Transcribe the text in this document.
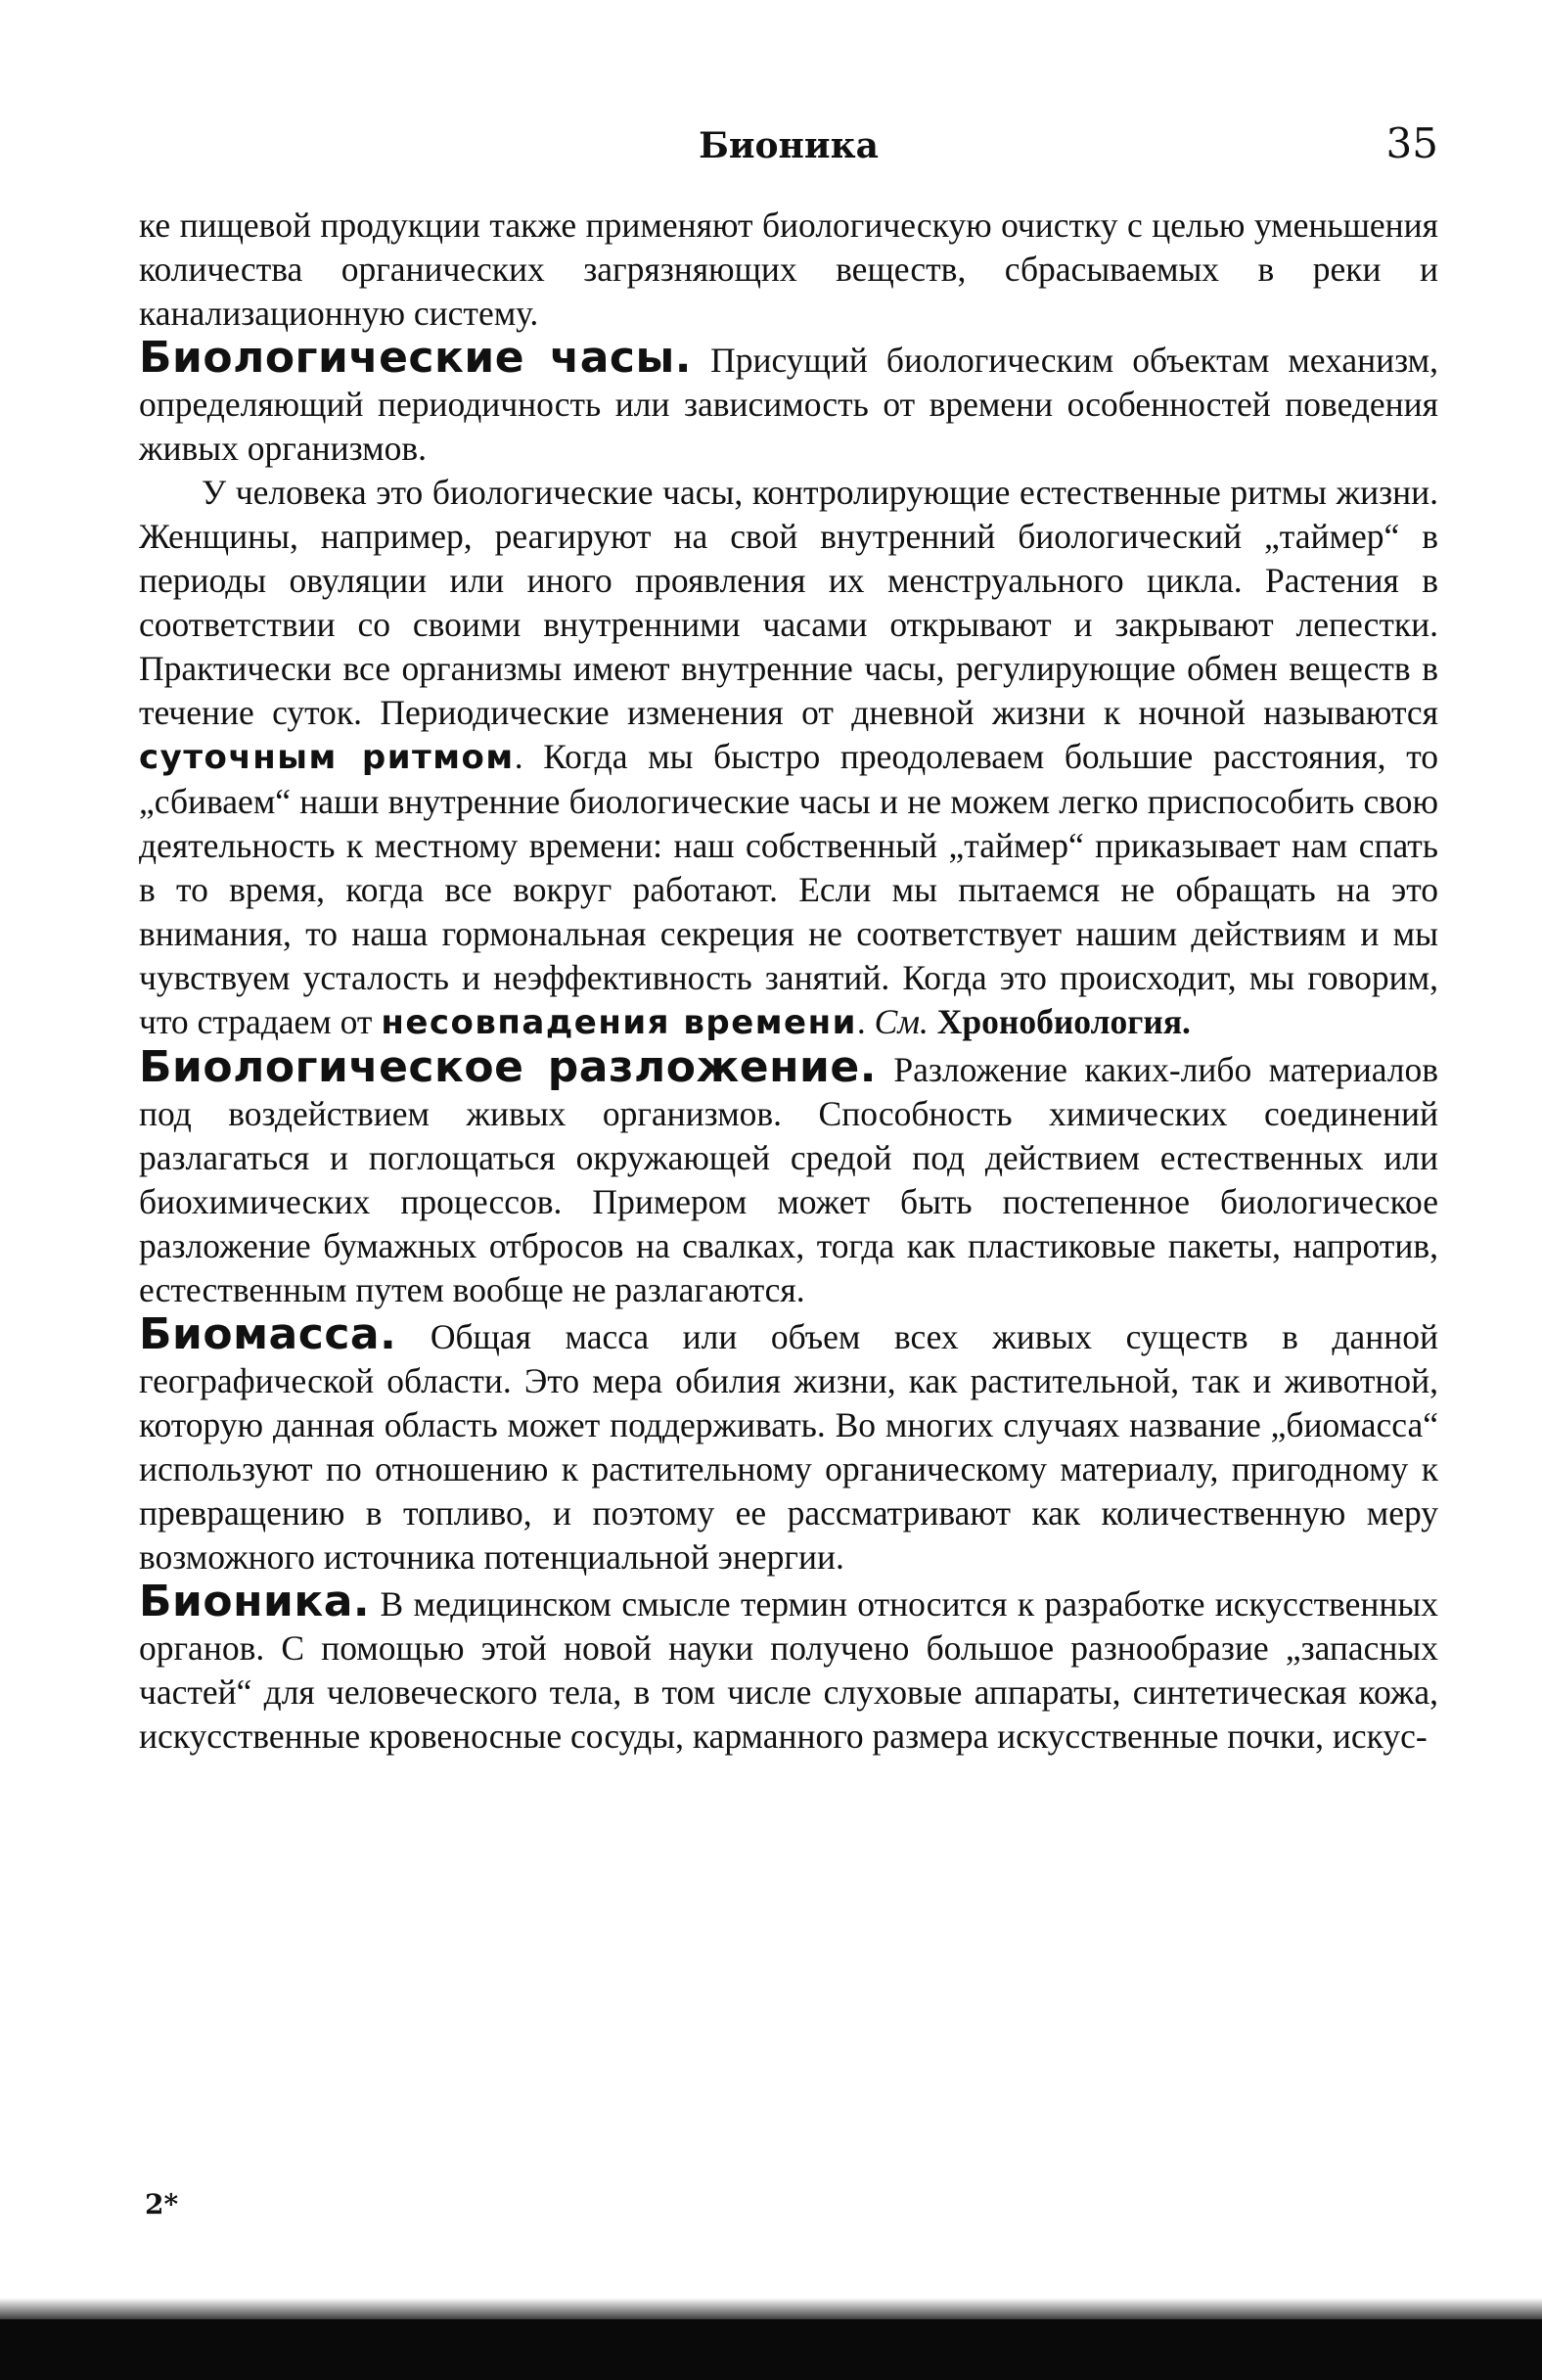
Бионика	35

ке пищевой продукции также применяют биологическую очистку с целью уменьшения количества органических загрязняющих веществ, сбрасываемых в реки и канализационную систему.

Биологические часы. Присущий биологическим объектам механизм, определяющий периодичность или зависимость от времени особенностей поведения живых организмов.

У человека это биологические часы, контролирующие естественные ритмы жизни. Женщины, например, реагируют на свой внутренний биологический „таймер“ в периоды овуляции или иного проявления их менструального цикла. Растения в соответствии со своими внутренними часами открывают и закрывают лепестки. Практически все организмы имеют внутренние часы, регулирующие обмен веществ в течение суток. Периодические изменения от дневной жизни к ночной называются суточным ритмом. Когда мы быстро преодолеваем большие расстояния, то „сбиваем“ наши внутренние биологические часы и не можем легко приспособить свою деятельность к местному времени: наш собственный „таймер“ приказывает нам спать в то время, когда все вокруг работают. Если мы пытаемся не обращать на это внимания, то наша гормональная секреция не соответствует нашим действиям и мы чувствуем усталость и неэффективность занятий. Когда это происходит, мы говорим, что страдаем от несовпадения времени. См. Хронобиология.

Биологическое разложение. Разложение каких-либо материалов под воздействием живых организмов. Способность химических соединений разлагаться и поглощаться окружающей средой под действием естественных или биохимических процессов. Примером может быть постепенное биологическое разложение бумажных отбросов на свалках, тогда как пластиковые пакеты, напротив, естественным путем вообще не разлагаются.

Биомасса. Общая масса или объем всех живых существ в данной географической области. Это мера обилия жизни, как растительной, так и животной, которую данная область может поддерживать. Во многих случаях название „биомасса“ используют по отношению к растительному органическому материалу, пригодному к превращению в топливо, и поэтому ее рассматривают как количественную меру возможного источника потенциальной энергии.

Бионика. В медицинском смысле термин относится к разработке искусственных органов. С помощью этой новой науки получено большое разнообразие „запасных частей“ для человеческого тела, в том числе слуховые аппараты, синтетическая кожа, искусственные кровеносные сосуды, карманного размера искусственные почки, искус-

2*
